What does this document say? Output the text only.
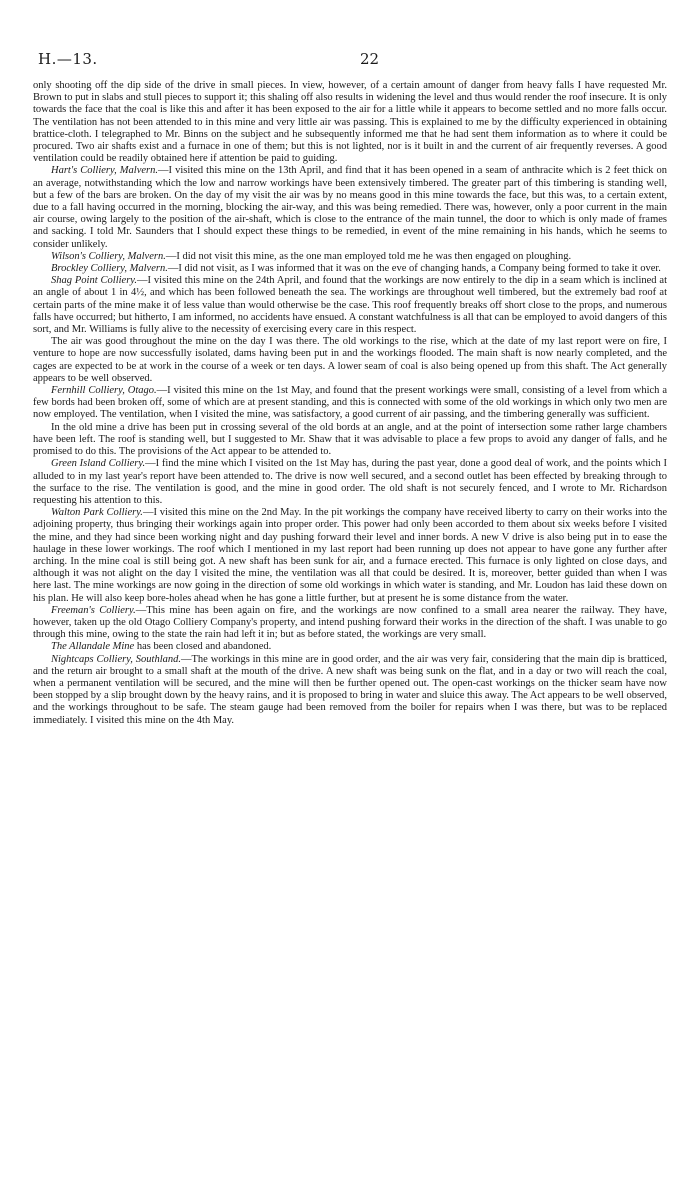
H.—13.	22

only shooting off the dip side of the drive in small pieces. In view, however, of a certain amount of danger from heavy falls I have requested Mr. Brown to put in slabs and stull pieces to support it; this shaling off also results in widening the level and thus would render the roof insecure. It is only towards the face that the coal is like this and after it has been exposed to the air for a little while it appears to become settled and no more falls occur. The ventilation has not been attended to in this mine and very little air was passing. This is explained to me by the difficulty experienced in obtaining brattice-cloth. I telegraphed to Mr. Binns on the subject and he subsequently informed me that he had sent them information as to where it could be procured. Two air shafts exist and a furnace in one of them; but this is not lighted, nor is it built in and the current of air frequently reverses. A good ventilation could be readily obtained here if attention be paid to guiding.

Hart's Colliery, Malvern.—I visited this mine on the 13th April, and find that it has been opened in a seam of anthracite which is 2 feet thick on an average, notwithstanding which the low and narrow workings have been extensively timbered. The greater part of this timbering is standing well, but a few of the bars are broken. On the day of my visit the air was by no means good in this mine towards the face, but this was, to a certain extent, due to a fall having occurred in the morning, blocking the air-way, and this was being remedied. There was, however, only a poor current in the main air course, owing largely to the position of the air-shaft, which is close to the entrance of the main tunnel, the door to which is only made of frames and sacking. I told Mr. Saunders that I should expect these things to be remedied, in event of the mine remaining in his hands, which he seems to consider unlikely.

Wilson's Colliery, Malvern.—I did not visit this mine, as the one man employed told me he was then engaged on ploughing.

Brockley Colliery, Malvern.—I did not visit, as I was informed that it was on the eve of changing hands, a Company being formed to take it over.

Shag Point Colliery.—I visited this mine on the 24th April, and found that the workings are now entirely to the dip in a seam which is inclined at an angle of about 1 in 4½, and which has been followed beneath the sea. The workings are throughout well timbered, but the extremely bad roof at certain parts of the mine make it of less value than would otherwise be the case. This roof frequently breaks off short close to the props, and numerous falls have occurred; but hitherto, I am informed, no accidents have ensued. A constant watchfulness is all that can be employed to avoid dangers of this sort, and Mr. Williams is fully alive to the necessity of exercising every care in this respect.

The air was good throughout the mine on the day I was there. The old workings to the rise, which at the date of my last report were on fire, I venture to hope are now successfully isolated, dams having been put in and the workings flooded. The main shaft is now nearly completed, and the cages are expected to be at work in the course of a week or ten days. A lower seam of coal is also being opened up from this shaft. The Act generally appears to be well observed.

Fernhill Colliery, Otago.—I visited this mine on the 1st May, and found that the present workings were small, consisting of a level from which a few bords had been broken off, some of which are at present standing, and this is connected with some of the old workings in which only two men are now employed. The ventilation, when I visited the mine, was satisfactory, a good current of air passing, and the timbering generally was sufficient.

In the old mine a drive has been put in crossing several of the old bords at an angle, and at the point of intersection some rather large chambers have been left. The roof is standing well, but I suggested to Mr. Shaw that it was advisable to place a few props to avoid any danger of falls, and he promised to do this. The provisions of the Act appear to be attended to.

Green Island Colliery.—I find the mine which I visited on the 1st May has, during the past year, done a good deal of work, and the points which I alluded to in my last year's report have been attended to. The drive is now well secured, and a second outlet has been effected by breaking through to the surface to the rise. The ventilation is good, and the mine in good order. The old shaft is not securely fenced, and I wrote to Mr. Richardson requesting his attention to this.

Walton Park Colliery.—I visited this mine on the 2nd May. In the pit workings the company have received liberty to carry on their works into the adjoining property, thus bringing their workings again into proper order. This power had only been accorded to them about six weeks before I visited the mine, and they had since been working night and day pushing forward their level and inner bords. A new V drive is also being put in to ease the haulage in these lower workings. The roof which I mentioned in my last report had been running up does not appear to have gone any further after arching. In the mine coal is still being got. A new shaft has been sunk for air, and a furnace erected. This furnace is only lighted on close days, and although it was not alight on the day I visited the mine, the ventilation was all that could be desired. It is, moreover, better guided than when I was here last. The mine workings are now going in the direction of some old workings in which water is standing, and Mr. Loudon has laid these down on his plan. He will also keep bore-holes ahead when he has gone a little further, but at present he is some distance from the water.

Freeman's Colliery.—This mine has been again on fire, and the workings are now confined to a small area nearer the railway. They have, however, taken up the old Otago Colliery Company's property, and intend pushing forward their works in the direction of the shaft. I was unable to go through this mine, owing to the state the rain had left it in; but as before stated, the workings are very small.

The Allandale Mine has been closed and abandoned.

Nightcaps Colliery, Southland.—The workings in this mine are in good order, and the air was very fair, considering that the main dip is bratticed, and the return air brought to a small shaft at the mouth of the drive. A new shaft was being sunk on the flat, and in a day or two will reach the coal, when a permanent ventilation will be secured, and the mine will then be further opened out. The open-cast workings on the thicker seam have now been stopped by a slip brought down by the heavy rains, and it is proposed to bring in water and sluice this away. The Act appears to be well observed, and the workings throughout to be safe. The steam gauge had been removed from the boiler for repairs when I was there, but was to be replaced immediately. I visited this mine on the 4th May.
